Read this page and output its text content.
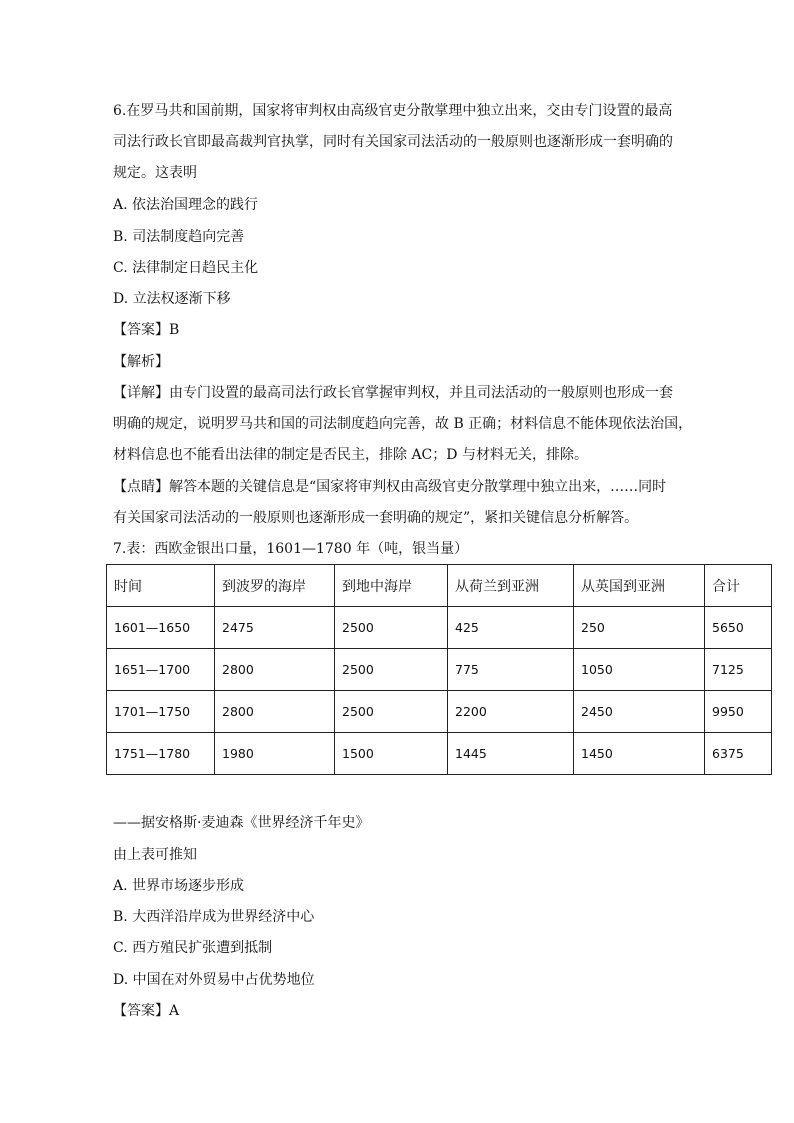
6.在罗马共和国前期，国家将审判权由高级官吏分散掌理中独立出来，交由专门设置的最高
司法行政长官即最高裁判官执掌，同时有关国家司法活动的一般原则也逐渐形成一套明确的
规定。这表明
A. 依法治国理念的践行
B. 司法制度趋向完善
C. 法律制定日趋民主化
D. 立法权逐渐下移
【答案】B
【解析】
【详解】由专门设置的最高司法行政长官掌握审判权，并且司法活动的一般原则也形成一套
明确的规定，说明罗马共和国的司法制度趋向完善，故 B 正确；材料信息不能体现依法治国，
材料信息也不能看出法律的制定是否民主，排除 AC；D 与材料无关，排除。
【点睛】解答本题的关键信息是“国家将审判权由高级官吏分散掌理中独立出来，……同时
有关国家司法活动的一般原则也逐渐形成一套明确的规定”，紧扣关键信息分析解答。
7.表：西欧金银出口量，1601—1780 年（吨，银当量）
时间	到波罗的海岸	到地中海岸	从荷兰到亚洲	从英国到亚洲	合计
1601—1650	2475	2500	425	250	5650
1651—1700	2800	2500	775	1050	7125
1701—1750	2800	2500	2200	2450	9950
1751—1780	1980	1500	1445	1450	6375
——据安格斯·麦迪森《世界经济千年史》
由上表可推知
A. 世界市场逐步形成
B. 大西洋沿岸成为世界经济中心
C. 西方殖民扩张遭到抵制
D. 中国在对外贸易中占优势地位
【答案】A
